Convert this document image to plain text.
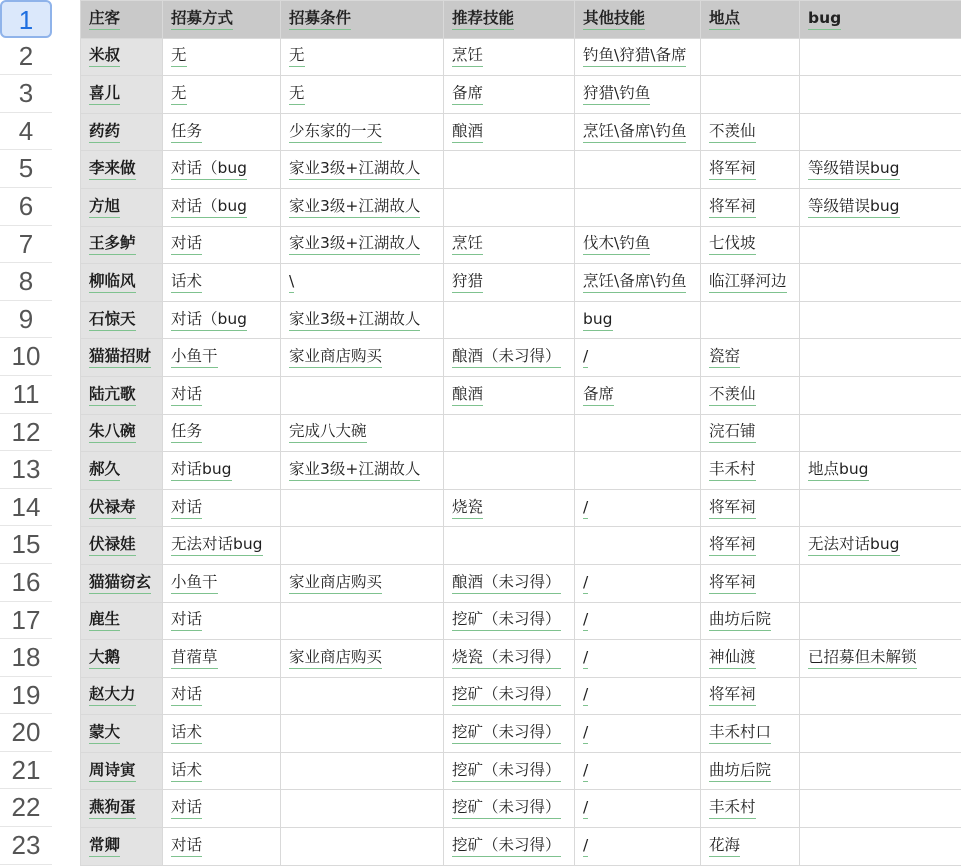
1
2
3
4
5
6
7
8
9
10
11
12
13
14
15
16
17
18
19
20
21
22
23
庄客	招募方式	招募条件	推荐技能	其他技能	地点	bug
米叔	无	无	烹饪	钓鱼\狩猎\备席		
喜儿	无	无	备席	狩猎\钓鱼		
药药	任务	少东家的一天	酿酒	烹饪\备席\钓鱼	不羡仙	
李来做	对话（bug	家业3级+江湖故人			将军祠	等级错误bug
方旭	对话（bug	家业3级+江湖故人			将军祠	等级错误bug
王多鲈	对话	家业3级+江湖故人	烹饪	伐木\钓鱼	七伐坡	
柳临风	话术	\	狩猎	烹饪\备席\钓鱼	临江驿河边	
石惊天	对话（bug	家业3级+江湖故人		bug		
猫猫招财	小鱼干	家业商店购买	酿酒（未习得）	/	瓷窑	
陆亢歌	对话		酿酒	备席	不羡仙	
朱八碗	任务	完成八大碗			浣石铺	
郝久	对话bug	家业3级+江湖故人			丰禾村	地点bug
伏禄寿	对话		烧瓷	/	将军祠	
伏禄娃	无法对话bug				将军祠	无法对话bug
猫猫窃玄	小鱼干	家业商店购买	酿酒（未习得）	/	将军祠	
鹿生	对话		挖矿（未习得）	/	曲坊后院	
大鹅	苜蓿草	家业商店购买	烧瓷（未习得）	/	神仙渡	已招募但未解锁
赵大力	对话		挖矿（未习得）	/	将军祠	
蒙大	话术		挖矿（未习得）	/	丰禾村口	
周诗寅	话术		挖矿（未习得）	/	曲坊后院	
燕狗蛋	对话		挖矿（未习得）	/	丰禾村	
常卿	对话		挖矿（未习得）	/	花海	
